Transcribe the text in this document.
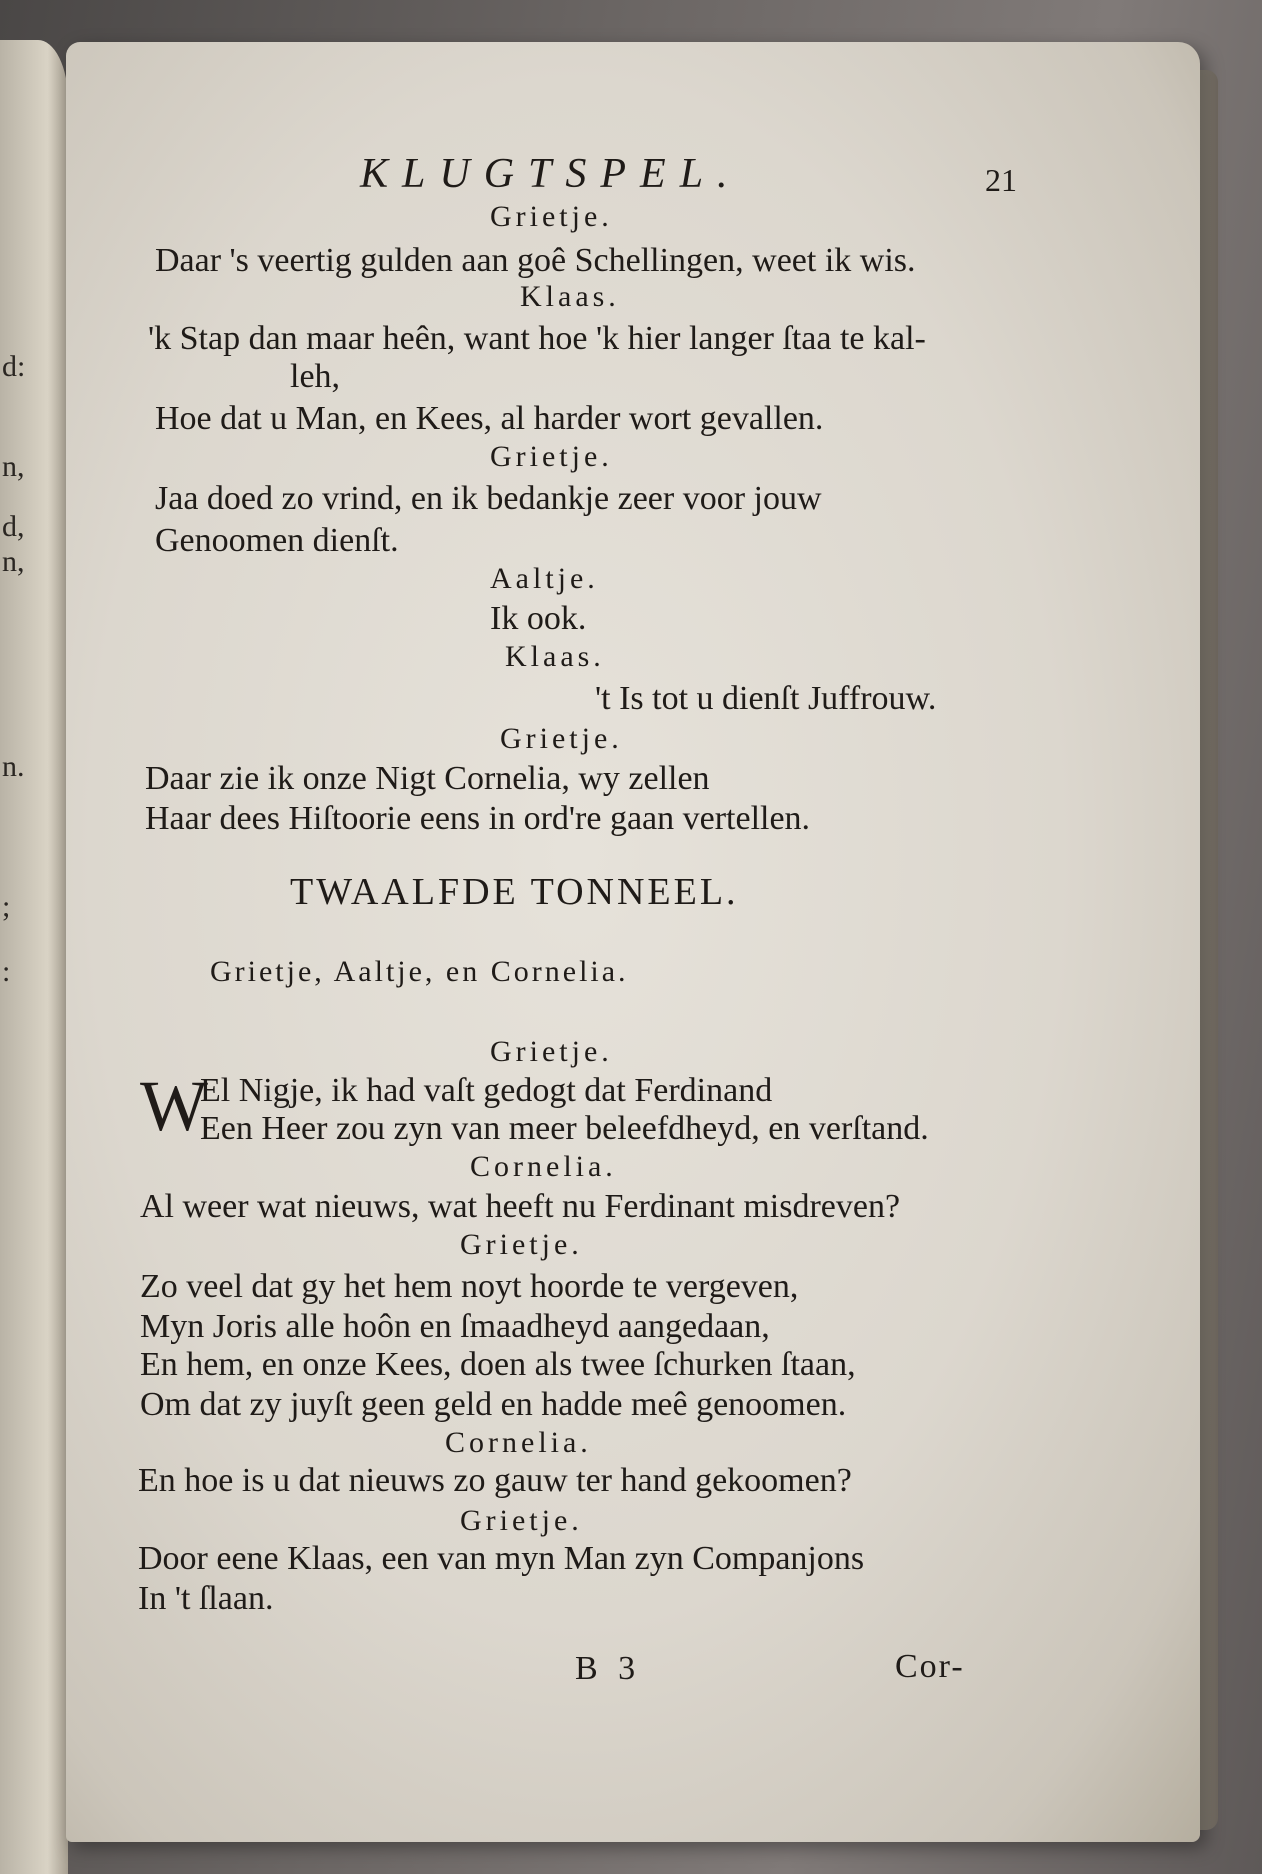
d:
n,
d,
n,
n.
;
:
KLUGTSPEL.	21
Grietje.
Daar 's veertig gulden aan goê Schellingen, weet ik wis.
Klaas.
'k Stap dan maar heên, want hoe 'k hier langer ſtaa te kal-
leh,
Hoe dat u Man, en Kees, al harder wort gevallen.
Grietje.
Jaa doed zo vrind, en ik bedankje zeer voor jouw
Genoomen dienſt.
Aaltje.
Ik ook.
Klaas.
't Is tot u dienſt Juffrouw.
Grietje.
Daar zie ik onze Nigt Cornelia, wy zellen
Haar dees Hiſtoorie eens in ord're gaan vertellen.
TWAALFDE TONNEEL.
Grietje, Aaltje, en Cornelia.
Grietje.
W
El Nigje, ik had vaſt gedogt dat Ferdinand
Een Heer zou zyn van meer beleefdheyd, en verſtand.
Cornelia.
Al weer wat nieuws, wat heeft nu Ferdinant misdreven?
Grietje.
Zo veel dat gy het hem noyt hoorde te vergeven,
Myn Joris alle hoôn en ſmaadheyd aangedaan,
En hem, en onze Kees, doen als twee ſchurken ſtaan,
Om dat zy juyſt geen geld en hadde meê genoomen.
Cornelia.
En hoe is u dat nieuws zo gauw ter hand gekoomen?
Grietje.
Door eene Klaas, een van myn Man zyn Companjons
In 't ſlaan.
B 3	Cor-
